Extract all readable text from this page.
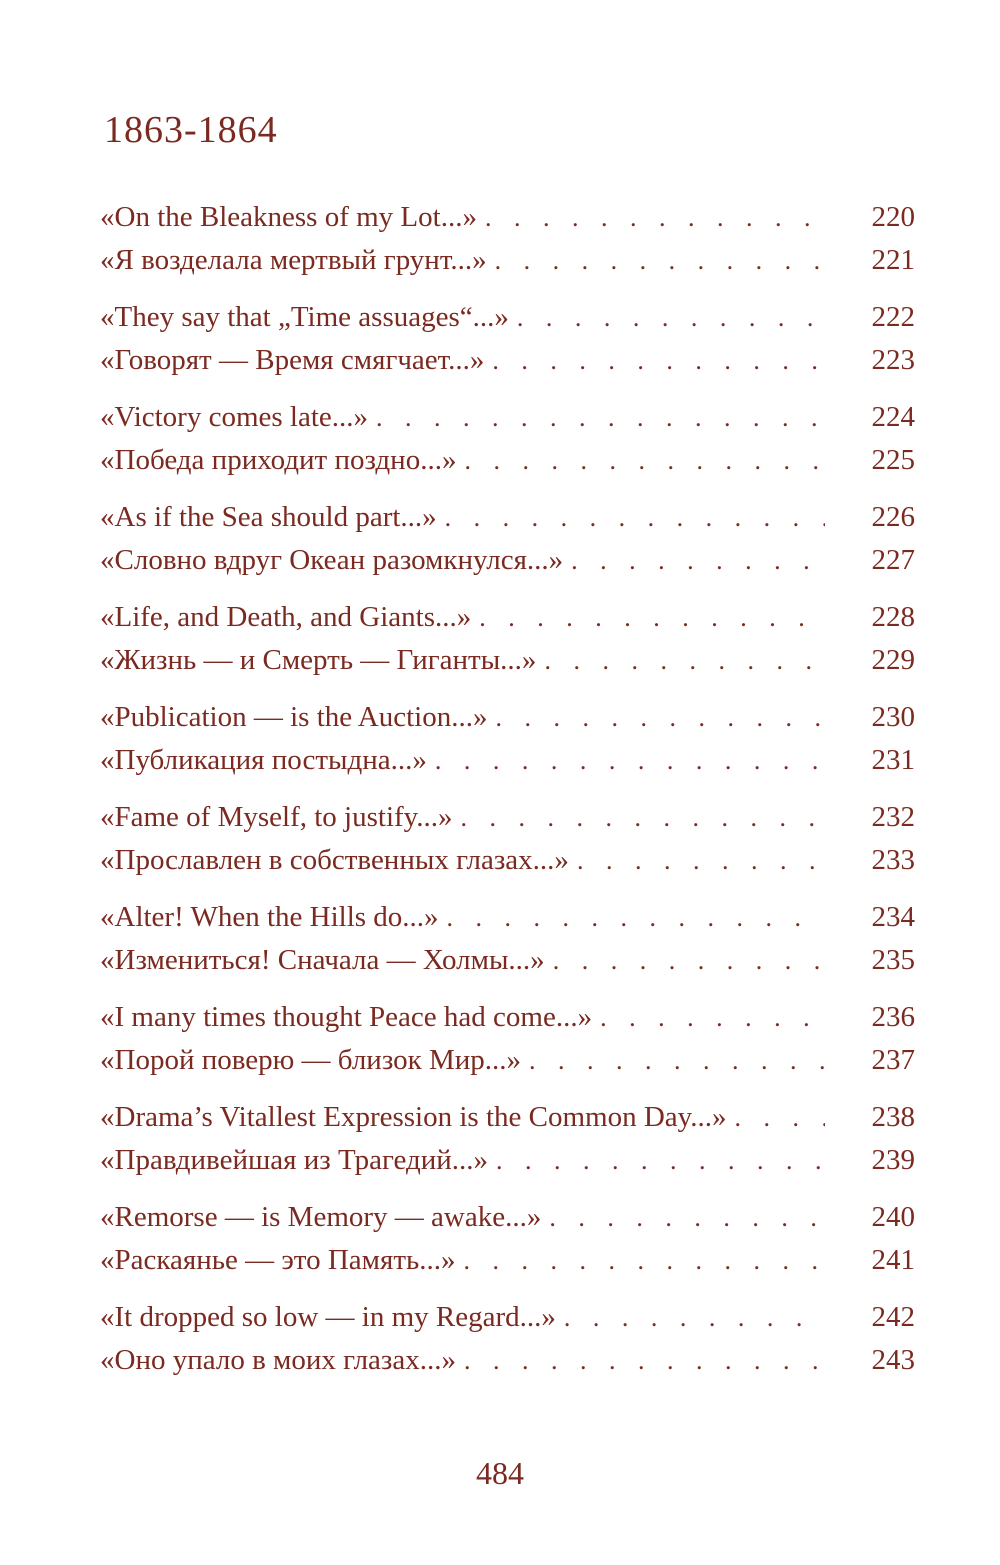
1863-1864
«On the Bleakness of my Lot...» . . .	220
«Я возделала мертвый грунт...» . . .	221
«They say that „Time assuages“...» . . .	222
«Говорят — Время смягчает...» . . .	223
«Victory comes late...» . . .	224
«Победа приходит поздно...» . . .	225
«As if the Sea should part...» . . .	226
«Словно вдруг Океан разомкнулся...» . . .	227
«Life, and Death, and Giants...» . . .	228
«Жизнь — и Смерть — Гиганты...» . . .	229
«Publication — is the Auction...» . . .	230
«Публикация постыдна...» . . .	231
«Fame of Myself, to justify...» . . .	232
«Прославлен в собственных глазах...» . . .	233
«Alter! When the Hills do...» . . .	234
«Измениться! Сначала — Холмы...» . . .	235
«I many times thought Peace had come...» . . .	236
«Порой поверю — близок Мир...» . . .	237
«Drama’s Vitallest Expression is the Common Day...» . . .	238
«Правдивейшая из Трагедий...» . . .	239
«Remorse — is Memory — awake...» . . .	240
«Раскаянье — это Память...» . . .	241
«It dropped so low — in my Regard...» . . .	242
«Оно упало в моих глазах...» . . .	243
484
